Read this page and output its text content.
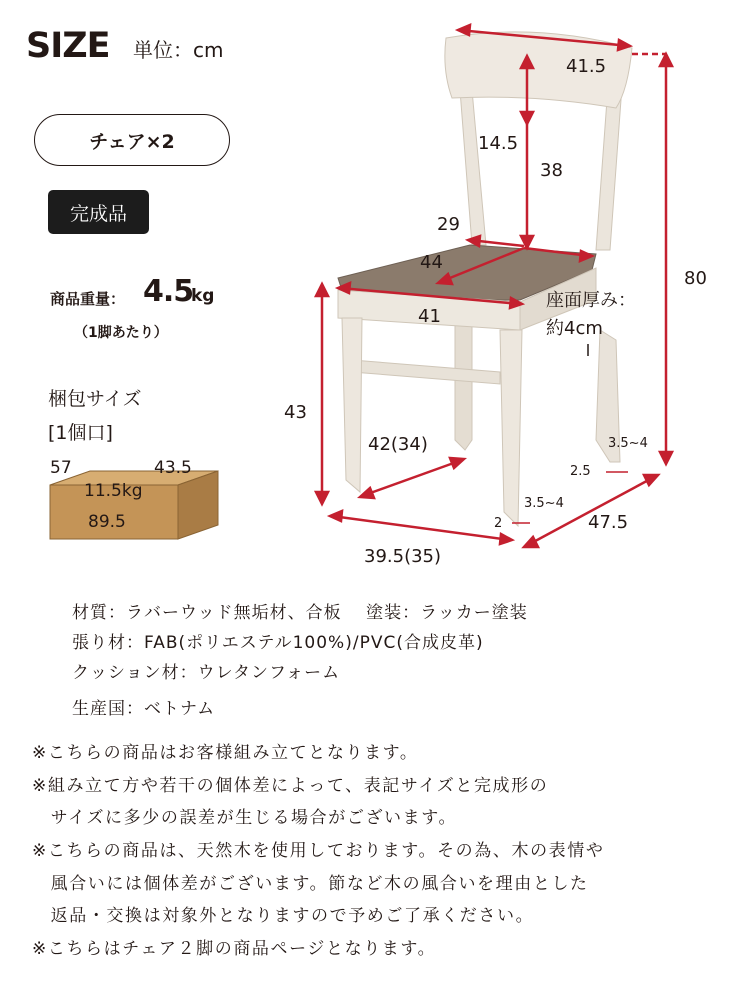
SIZE 単位：cm
チェア×2
完成品
商品重量： 4.5
kg
（1脚あたり）
梱包サイズ
[1個口]
57	43.5
11.5kg
89.5
41.5
14.5
38
80
29
44
41
座面厚み：
約4cm
43
42(34)	3.5~4
2.5
3.5~4
2	47.5
39.5(35)
材質：ラバーウッド無垢材、合板　 塗装：ラッカー塗装
張り材：FAB(ポリエステル100%)/PVC(合成皮革)
クッション材：ウレタンフォーム
生産国：ベトナム
※こちらの商品はお客様組み立てとなります。
※組み立て方や若干の個体差によって、表記サイズと完成形の
　サイズに多少の誤差が生じる場合がございます。
※こちらの商品は、天然木を使用しております。その為、木の表情や
　風合いには個体差がございます。節など木の風合いを理由とした
　返品・交換は対象外となりますので予めご了承ください。
※こちらはチェア２脚の商品ページとなります。
